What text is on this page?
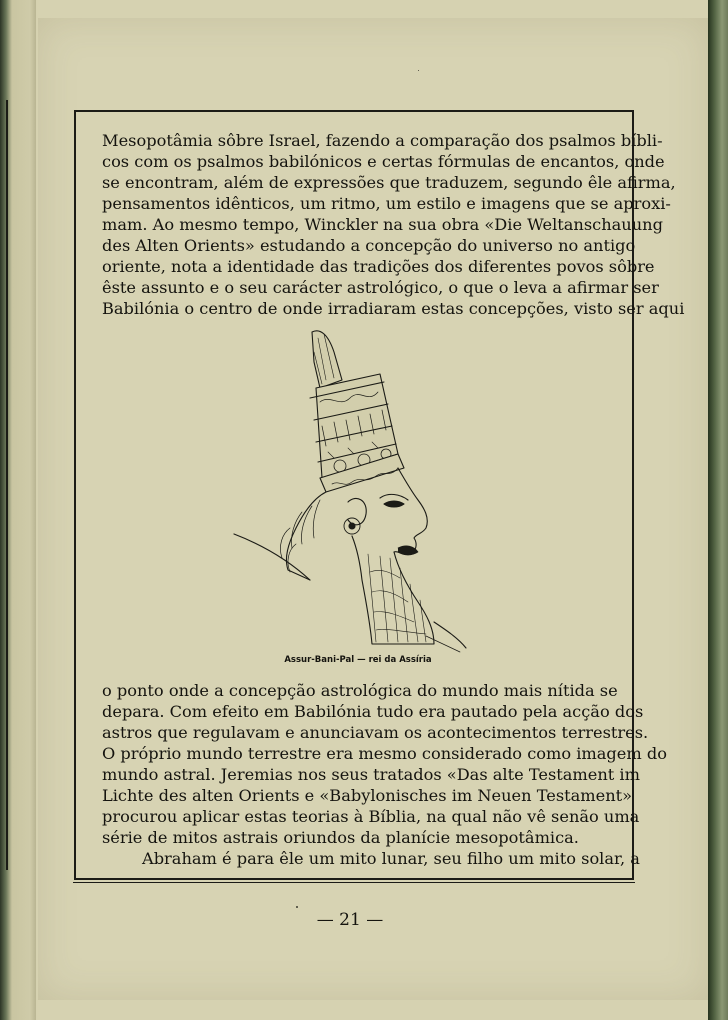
Mesopotâmia sôbre Israel, fazendo a comparação dos psalmos bíbli-
cos com os psalmos babilónicos e certas fórmulas de encantos, onde
se encontram, além de expressões que traduzem, segundo êle afirma,
pensamentos idênticos, um ritmo, um estilo e imagens que se aproxi-
mam. Ao mesmo tempo, Winckler na sua obra «Die Weltanschauung
des Alten Orients» estudando a concepção do universo no antigo
oriente, nota a identidade das tradições dos diferentes povos sôbre
êste assunto e o seu carácter astrológico, o que o leva a afirmar ser
Babilónia o centro de onde irradiaram estas concepções, visto ser aqui
Assur-Bani-Pal — rei da Assíria
o ponto onde a concepção astrológica do mundo mais nítida se
depara. Com efeito em Babilónia tudo era pautado pela acção dos
astros que regulavam e anunciavam os acontecimentos terrestres.
O próprio mundo terrestre era mesmo considerado como imagem do
mundo astral. Jeremias nos seus tratados «Das alte Testament im
Lichte des alten Orients e «Babylonisches im Neuen Testament»
procurou aplicar estas teorias à Bíblia, na qual não vê senão uma
série de mitos astrais oriundos da planície mesopotâmica.
Abraham é para êle um mito lunar, seu filho um mito solar, a
— 21 —
